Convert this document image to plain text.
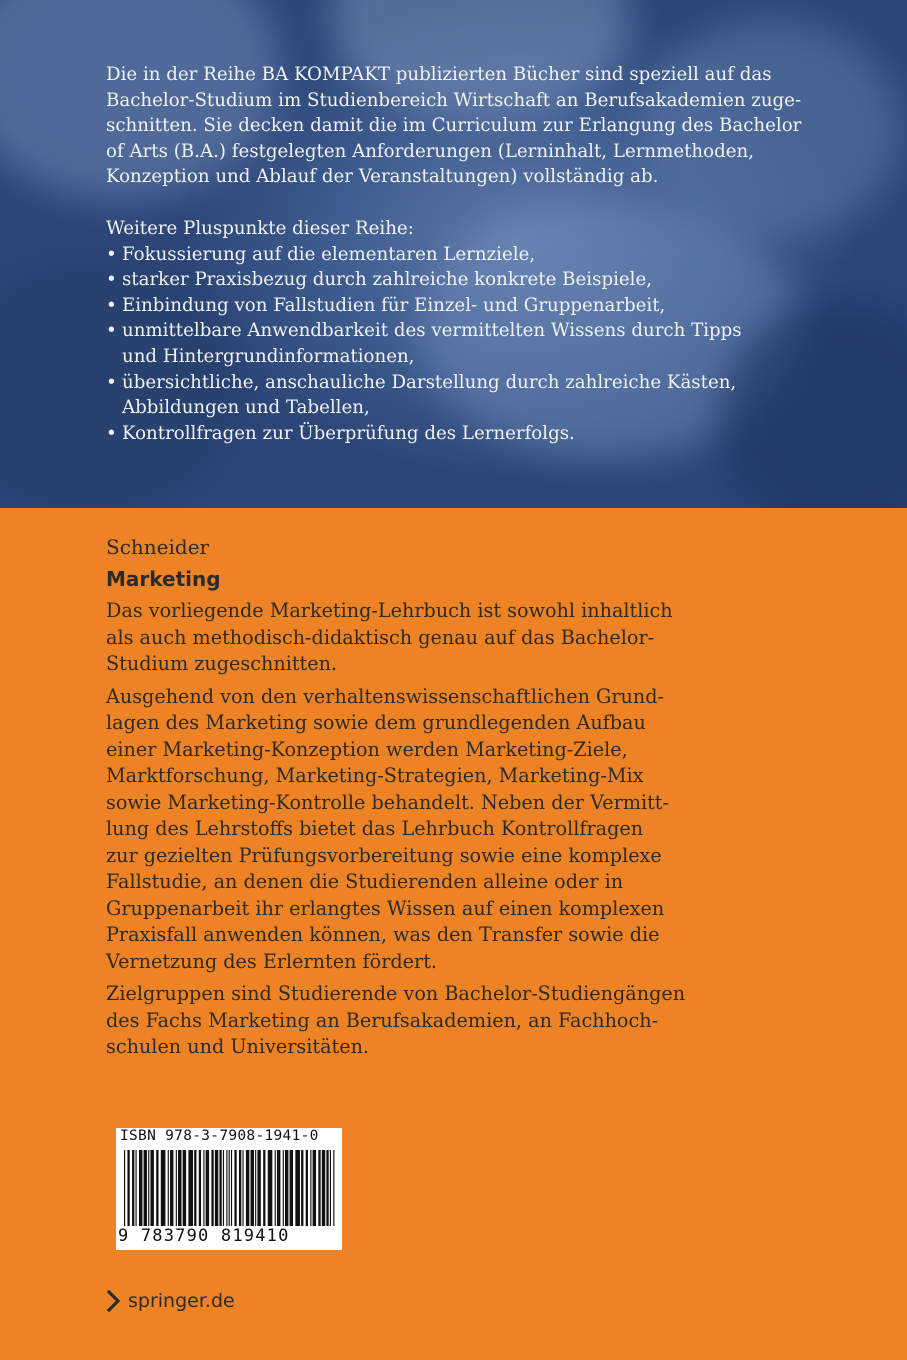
Die in der Reihe BA KOMPAKT publizierten Bücher sind speziell auf das
Bachelor-Studium im Studienbereich Wirtschaft an Berufsakademien zuge-
schnitten. Sie decken damit die im Curriculum zur Erlangung des Bachelor
of Arts (B.A.) festgelegten Anforderungen (Lerninhalt, Lernmethoden,
Konzeption und Ablauf der Veranstaltungen) vollständig ab.

Weitere Pluspunkte dieser Reihe:

• Fokussierung auf die elementaren Lernziele,
• starker Praxisbezug durch zahlreiche konkrete Beispiele,
• Einbindung von Fallstudien für Einzel- und Gruppenarbeit,
• unmittelbare Anwendbarkeit des vermittelten Wissens durch Tipps
und Hintergrundinformationen,
• übersichtliche, anschauliche Darstellung durch zahlreiche Kästen,
Abbildungen und Tabellen,
• Kontrollfragen zur Überprüfung des Lernerfolgs.

Schneider

Marketing

Das vorliegende Marketing-Lehrbuch ist sowohl inhaltlich
als auch methodisch-didaktisch genau auf das Bachelor-
Studium zugeschnitten.

Ausgehend von den verhaltenswissenschaftlichen Grund-
lagen des Marketing sowie dem grundlegenden Aufbau
einer Marketing-Konzeption werden Marketing-Ziele,
Marktforschung, Marketing-Strategien, Marketing-Mix
sowie Marketing-Kontrolle behandelt. Neben der Vermitt-
lung des Lehrstoffs bietet das Lehrbuch Kontrollfragen
zur gezielten Prüfungsvorbereitung sowie eine komplexe
Fallstudie, an denen die Studierenden alleine oder in
Gruppenarbeit ihr erlangtes Wissen auf einen komplexen
Praxisfall anwenden können, was den Transfer sowie die
Vernetzung des Erlernten fördert.

Zielgruppen sind Studierende von Bachelor-Studiengängen
des Fachs Marketing an Berufsakademien, an Fachhoch-
schulen und Universitäten.

ISBN 978-3-7908-1941-0
9 783790 819410
springer.de
